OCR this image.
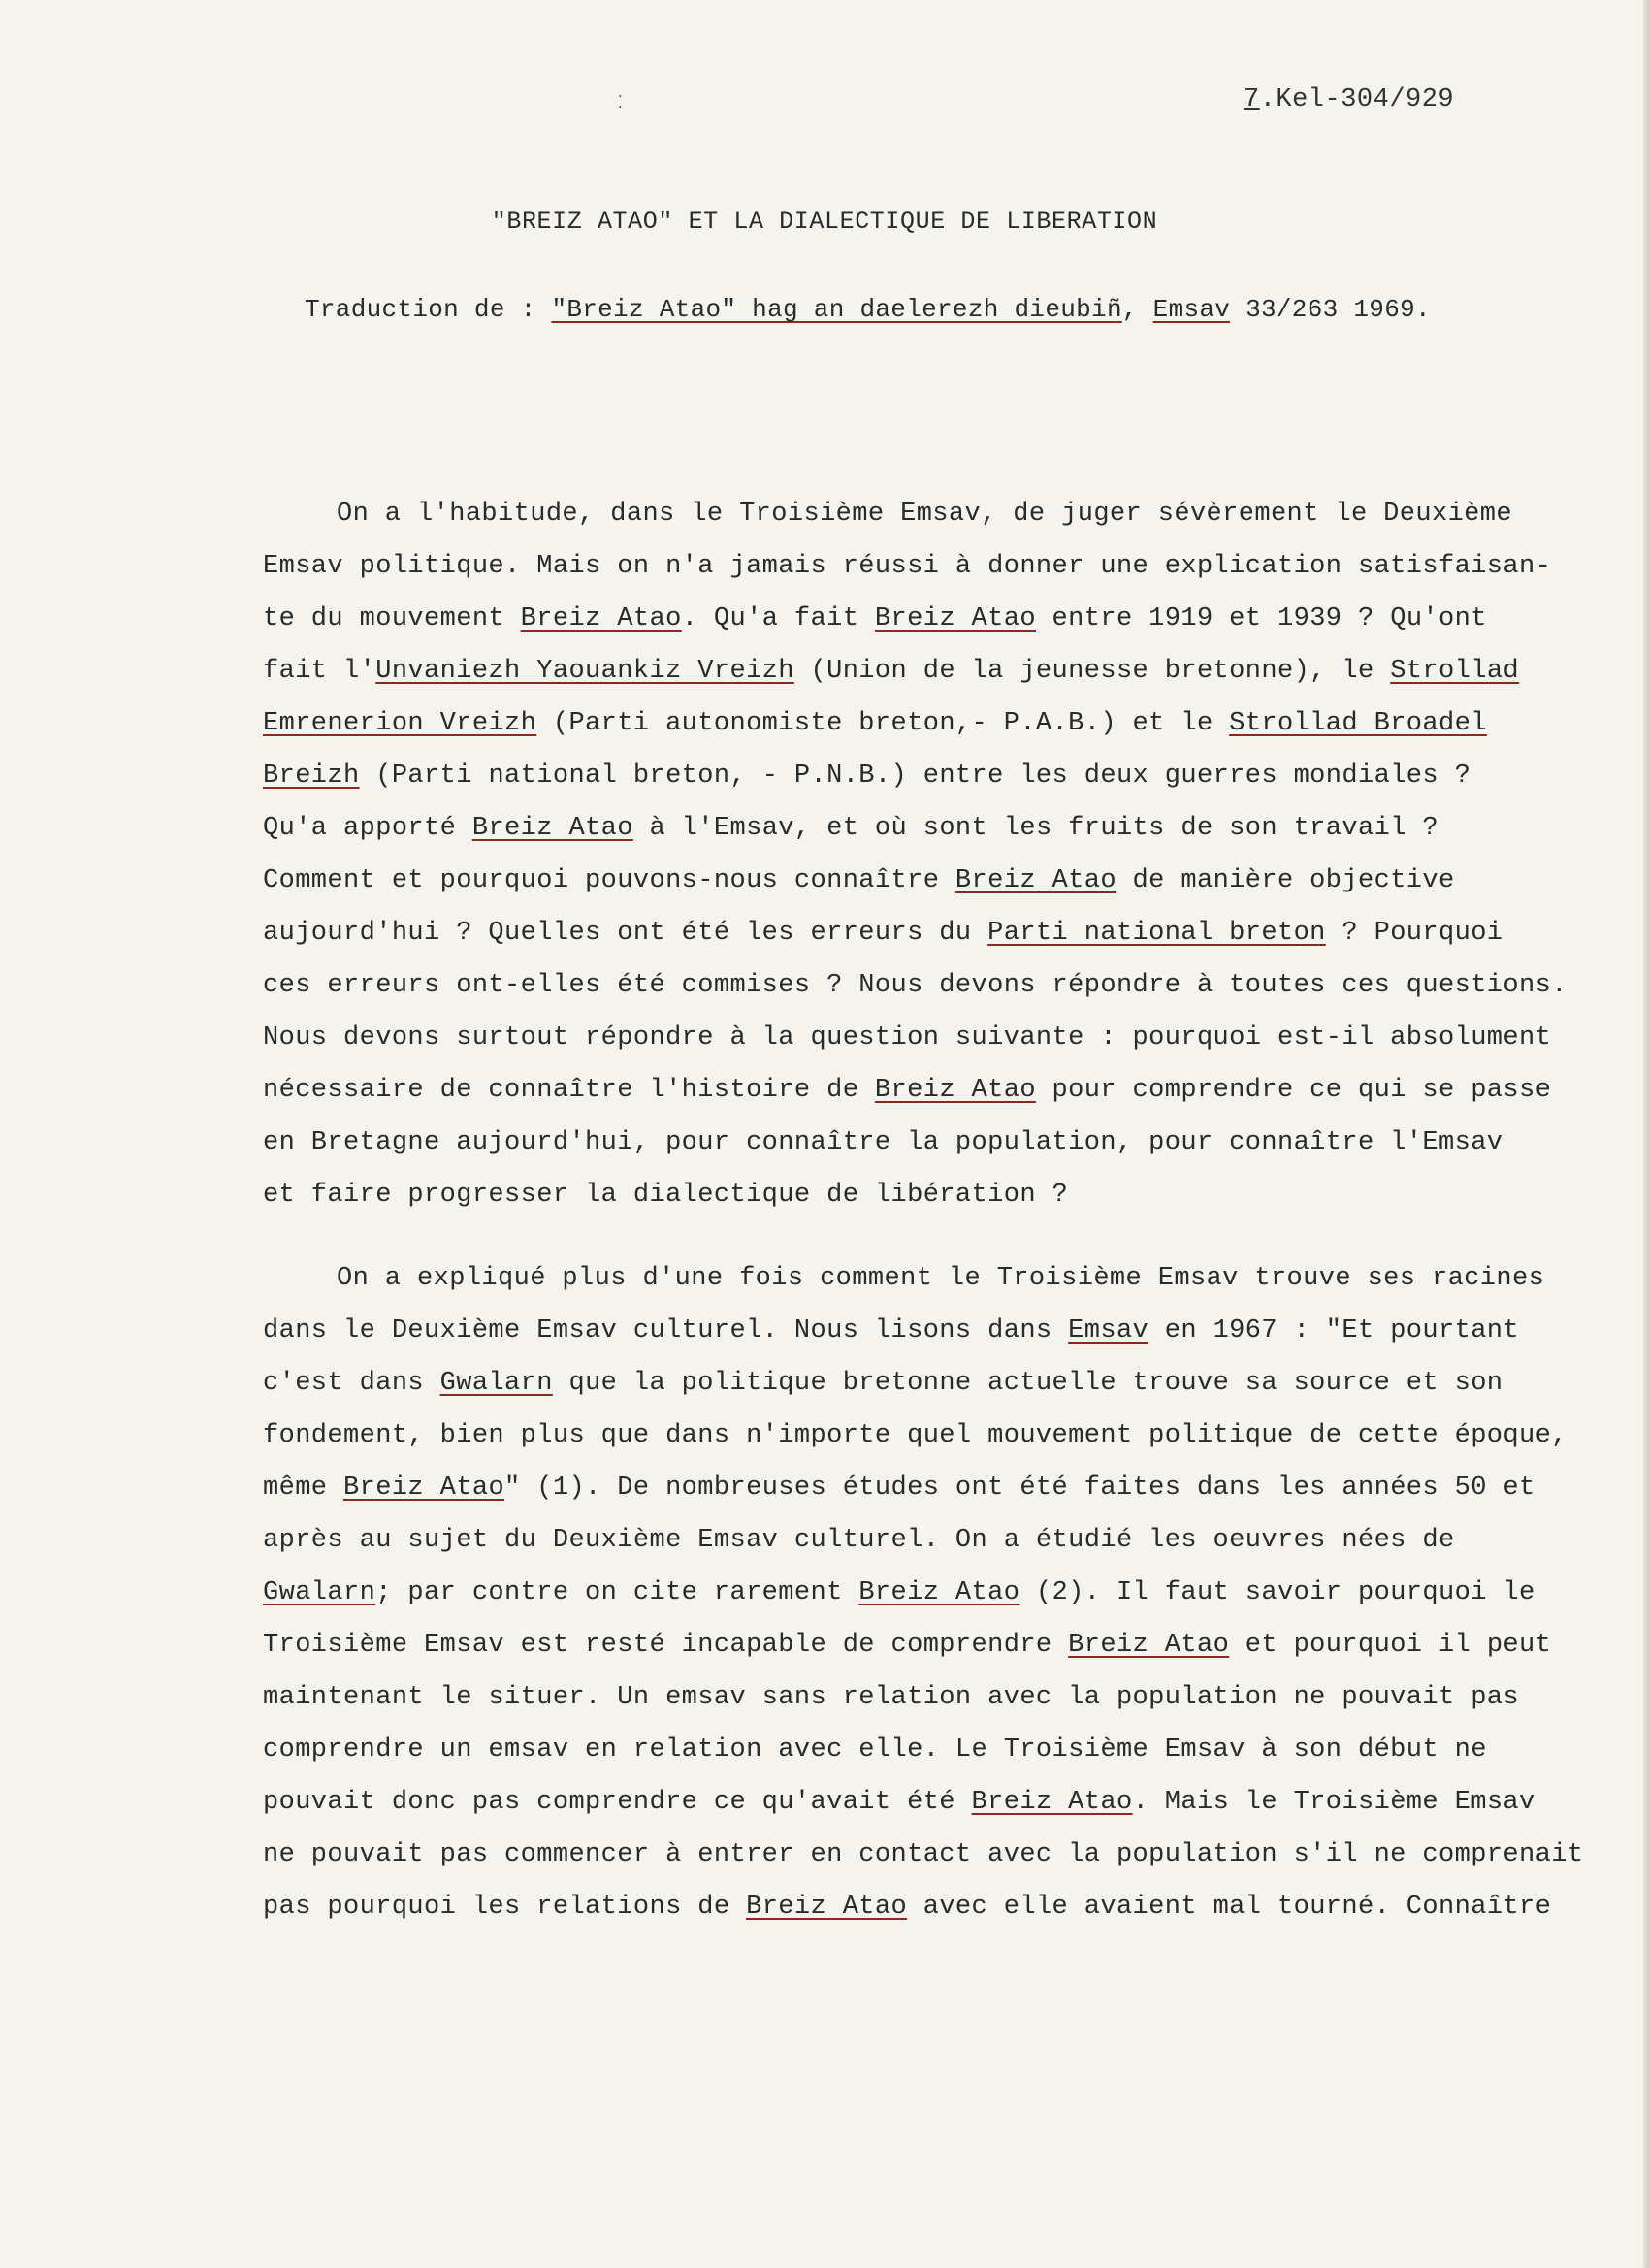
7.Kel-304/929
ː
"BREIZ ATAO" ET LA DIALECTIQUE DE LIBERATION
Traduction de : "Breiz Atao" hag an daelerezh dieubiñ, Emsav 33/263 1969.
On a l'habitude, dans le Troisième Emsav, de juger sévèrement le Deuxième
Emsav politique. Mais on n'a jamais réussi à donner une explication satisfaisan-
te du mouvement Breiz Atao. Qu'a fait Breiz Atao entre 1919 et 1939 ? Qu'ont
fait l'Unvaniezh Yaouankiz Vreizh (Union de la jeunesse bretonne), le Strollad
Emrenerion Vreizh (Parti autonomiste breton,- P.A.B.) et le Strollad Broadel
Breizh (Parti national breton, - P.N.B.) entre les deux guerres mondiales ?
Qu'a apporté Breiz Atao à l'Emsav, et où sont les fruits de son travail ?
Comment et pourquoi pouvons-nous connaître Breiz Atao de manière objective
aujourd'hui ? Quelles ont été les erreurs du Parti national breton ? Pourquoi
ces erreurs ont-elles été commises ? Nous devons répondre à toutes ces questions.
Nous devons surtout répondre à la question suivante : pourquoi est-il absolument
nécessaire de connaître l'histoire de Breiz Atao pour comprendre ce qui se passe
en Bretagne aujourd'hui, pour connaître la population, pour connaître l'Emsav
et faire progresser la dialectique de libération ?
On a expliqué plus d'une fois comment le Troisième Emsav trouve ses racines
dans le Deuxième Emsav culturel. Nous lisons dans Emsav en 1967 : "Et pourtant
c'est dans Gwalarn que la politique bretonne actuelle trouve sa source et son
fondement, bien plus que dans n'importe quel mouvement politique de cette époque,
même Breiz Atao" (1). De nombreuses études ont été faites dans les années 50 et
après au sujet du Deuxième Emsav culturel. On a étudié les oeuvres nées de
Gwalarn; par contre on cite rarement Breiz Atao (2). Il faut savoir pourquoi le
Troisième Emsav est resté incapable de comprendre Breiz Atao et pourquoi il peut
maintenant le situer. Un emsav sans relation avec la population ne pouvait pas
comprendre un emsav en relation avec elle. Le Troisième Emsav à son début ne
pouvait donc pas comprendre ce qu'avait été Breiz Atao. Mais le Troisième Emsav
ne pouvait pas commencer à entrer en contact avec la population s'il ne comprenait
pas pourquoi les relations de Breiz Atao avec elle avaient mal tourné. Connaître
